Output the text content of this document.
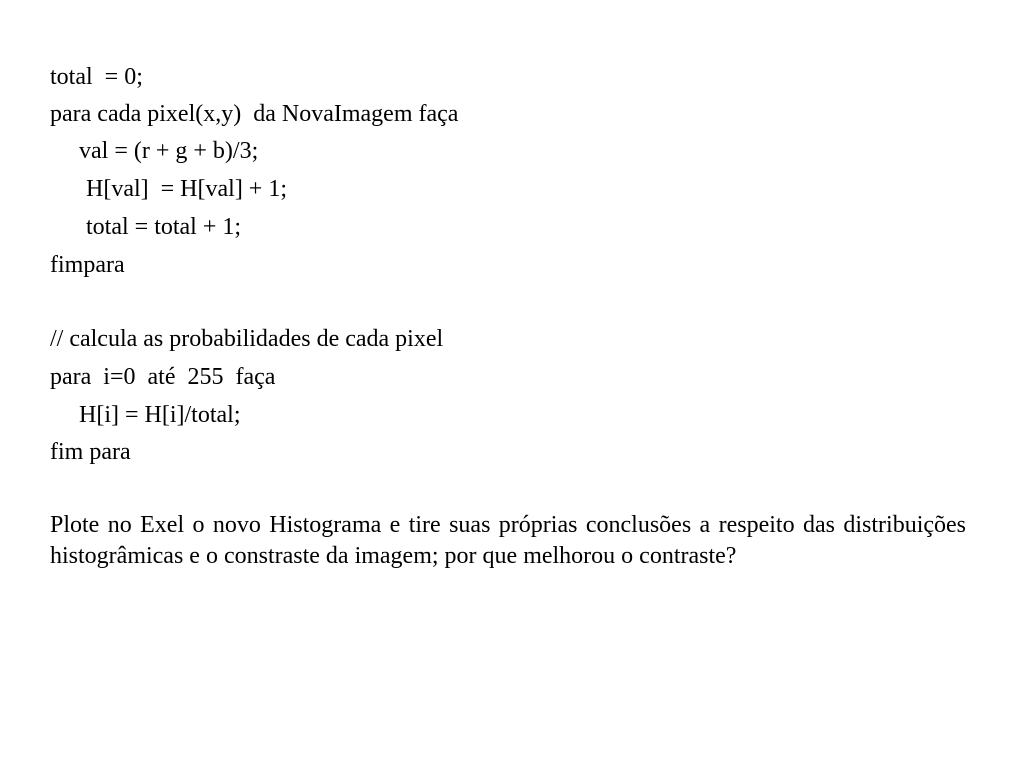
total  = 0;
para cada pixel(x,y)  da NovaImagem faça
val = (r + g + b)/3;
H[val]  = H[val] + 1;
total = total + 1;
fimpara
// calcula as probabilidades de cada pixel
para  i=0  até  255  faça
H[i] = H[i]/total;
fim para
Plote no Exel o novo Histograma e tire suas próprias conclusões a respeito das distribuições histogrâmicas e o constraste da imagem; por que melhorou o contraste?
